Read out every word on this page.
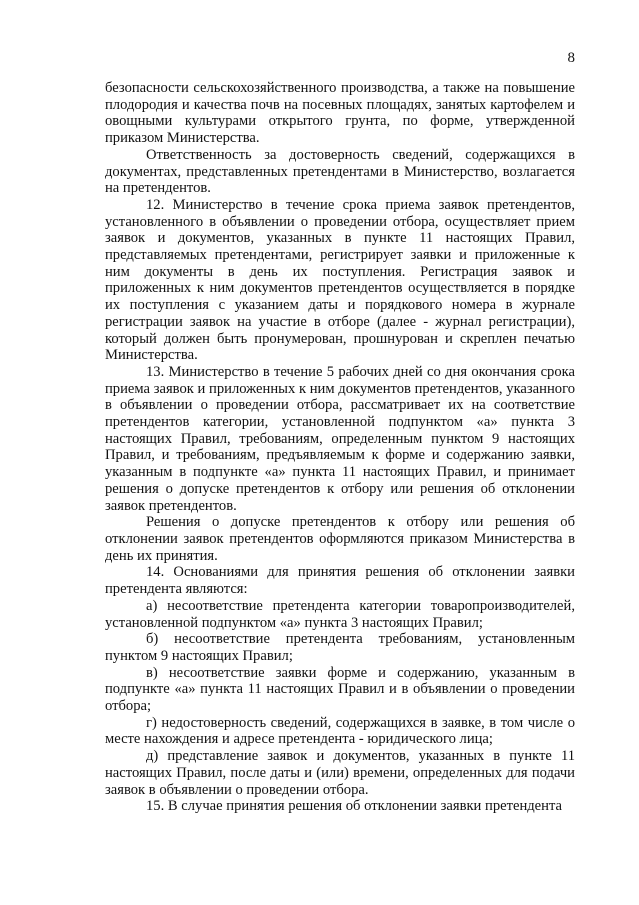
8

безопасности сельскохозяйственного производства, а также на повышение плодородия и качества почв на посевных площадях, занятых картофелем и овощными культурами открытого грунта, по форме, утвержденной приказом Министерства.

Ответственность за достоверность сведений, содержащихся в документах, представленных претендентами в Министерство, возлагается на претендентов.

12. Министерство в течение срока приема заявок претендентов, установленного в объявлении о проведении отбора, осуществляет прием заявок и документов, указанных в пункте 11 настоящих Правил, представляемых претендентами, регистрирует заявки и приложенные к ним документы в день их поступления. Регистрация заявок и приложенных к ним документов претендентов осуществляется в порядке их поступления с указанием даты и порядкового номера в журнале регистрации заявок на участие в отборе (далее - журнал регистрации), который должен быть пронумерован, прошнурован и скреплен печатью Министерства.

13. Министерство в течение 5 рабочих дней со дня окончания срока приема заявок и приложенных к ним документов претендентов, указанного в объявлении о проведении отбора, рассматривает их на соответствие претендентов категории, установленной подпунктом «а» пункта 3 настоящих Правил, требованиям, определенным пунктом 9 настоящих Правил, и требованиям, предъявляемым к форме и содержанию заявки, указанным в подпункте «а» пункта 11 настоящих Правил, и принимает решения о допуске претендентов к отбору или решения об отклонении заявок претендентов.

Решения о допуске претендентов к отбору или решения об отклонении заявок претендентов оформляются приказом Министерства в день их принятия.

14. Основаниями для принятия решения об отклонении заявки претендента являются:

а) несоответствие претендента категории товаропроизводителей, установленной подпунктом «а» пункта 3 настоящих Правил;

б) несоответствие претендента требованиям, установленным пунктом 9 настоящих Правил;

в) несоответствие заявки форме и содержанию, указанным в подпункте «а» пункта 11 настоящих Правил и в объявлении о проведении отбора;

г) недостоверность сведений, содержащихся в заявке, в том числе о месте нахождения и адресе претендента - юридического лица;

д) представление заявок и документов, указанных в пункте 11 настоящих Правил, после даты и (или) времени, определенных для подачи заявок в объявлении о проведении отбора.

15. В случае принятия решения об отклонении заявки претендента
